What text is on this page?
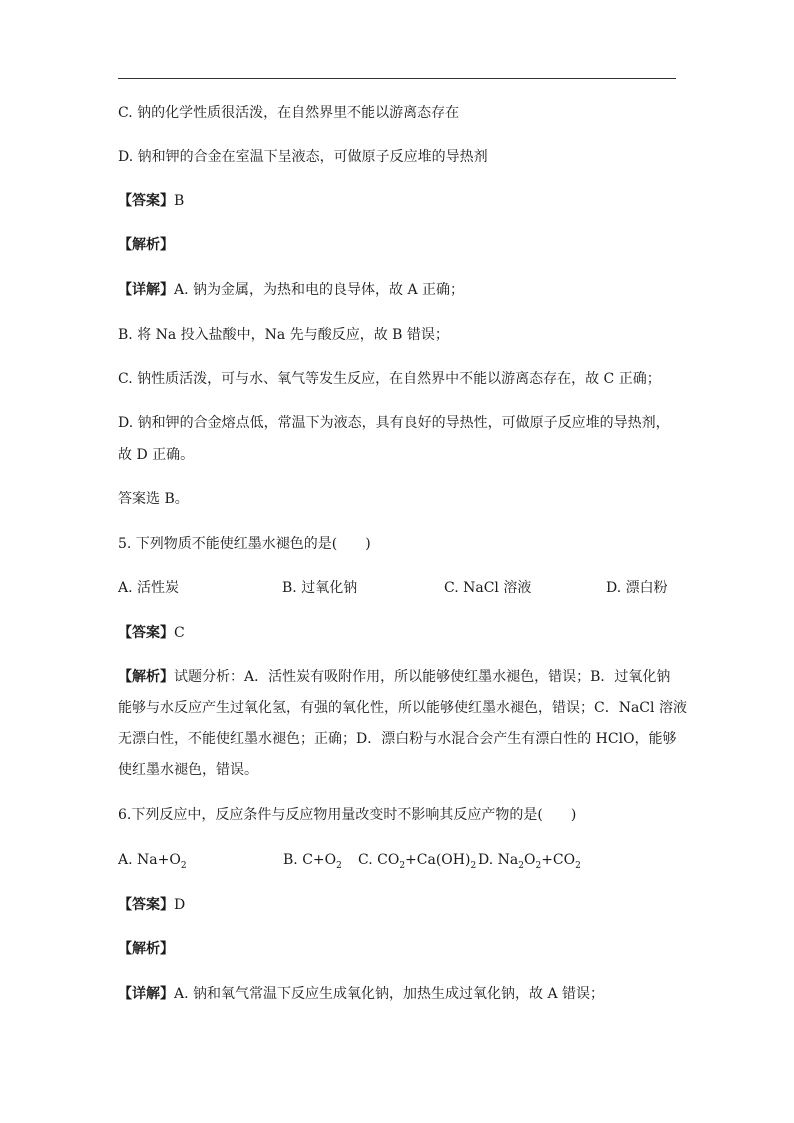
C. 钠的化学性质很活泼，在自然界里不能以游离态存在
D. 钠和钾的合金在室温下呈液态，可做原子反应堆的导热剂
【答案】B
【解析】
【详解】A. 钠为金属，为热和电的良导体，故 A 正确；
B. 将 Na 投入盐酸中，Na 先与酸反应，故 B 错误；
C. 钠性质活泼，可与水、氧气等发生反应，在自然界中不能以游离态存在，故 C 正确；
D. 钠和钾的合金熔点低，常温下为液态，具有良好的导热性，可做原子反应堆的导热剂，
故 D 正确。
答案选 B。
5. 下列物质不能使红墨水褪色的是(　　)
A. 活性炭	B. 过氧化钠	C. NaCl 溶液	D. 漂白粉
【答案】C
【解析】试题分析：A．活性炭有吸附作用，所以能够使红墨水褪色，错误；B．过氧化钠
能够与水反应产生过氧化氢，有强的氧化性，所以能够使红墨水褪色，错误；C．NaCl 溶液
无漂白性，不能使红墨水褪色；正确；D．漂白粉与水混合会产生有漂白性的 HClO，能够
使红墨水褪色，错误。
6.下列反应中，反应条件与反应物用量改变时不影响其反应产物的是(　　)
A. $Na+O_2$	B. $C+O_2$ C. $CO_2+Ca(OH)_2$ D. $Na_2O_2+CO_2$
【答案】D
【解析】
【详解】A. 钠和氧气常温下反应生成氧化钠，加热生成过氧化钠，故 A 错误；
